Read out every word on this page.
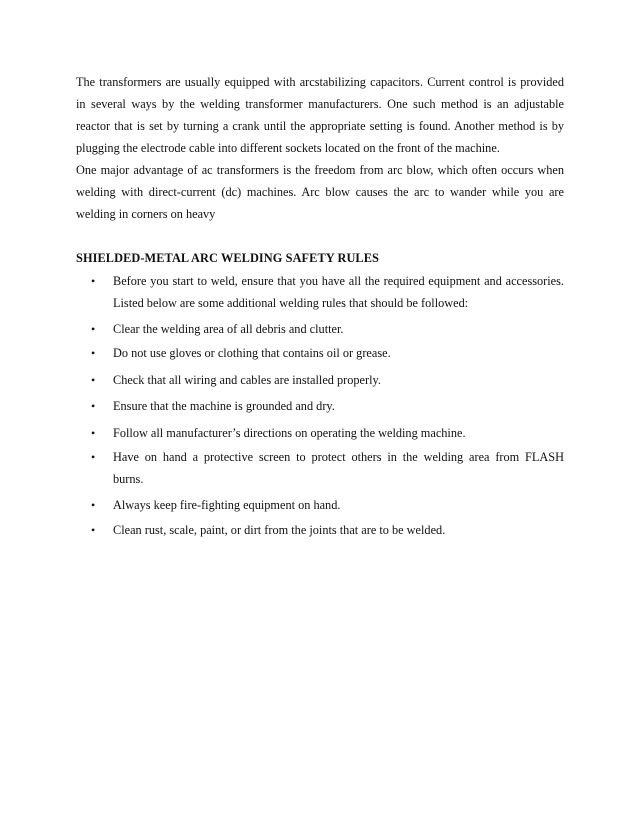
The transformers are usually equipped with arcstabilizing capacitors. Current control is provided
in several ways by the welding transformer manufacturers. One such method is an adjustable
reactor that is set by turning a crank until the appropriate setting is found. Another method is by
plugging the electrode cable into different sockets located on the front of the machine.

One major advantage of ac transformers is the freedom from arc blow, which often occurs when
welding with direct-current (dc) machines. Arc blow causes the arc to wander while you are
welding in corners on heavy

SHIELDED-METAL ARC WELDING SAFETY RULES
• Before you start to weld, ensure that you have all the required equipment and accessories.
Listed below are some additional welding rules that should be followed:
• Clear the welding area of all debris and clutter.
• Do not use gloves or clothing that contains oil or grease.
• Check that all wiring and cables are installed properly.
• Ensure that the machine is grounded and dry.
• Follow all manufacturer’s directions on operating the welding machine.
• Have on hand a protective screen to protect others in the welding area from FLASH
burns.
• Always keep fire-fighting equipment on hand.
• Clean rust, scale, paint, or dirt from the joints that are to be welded.
